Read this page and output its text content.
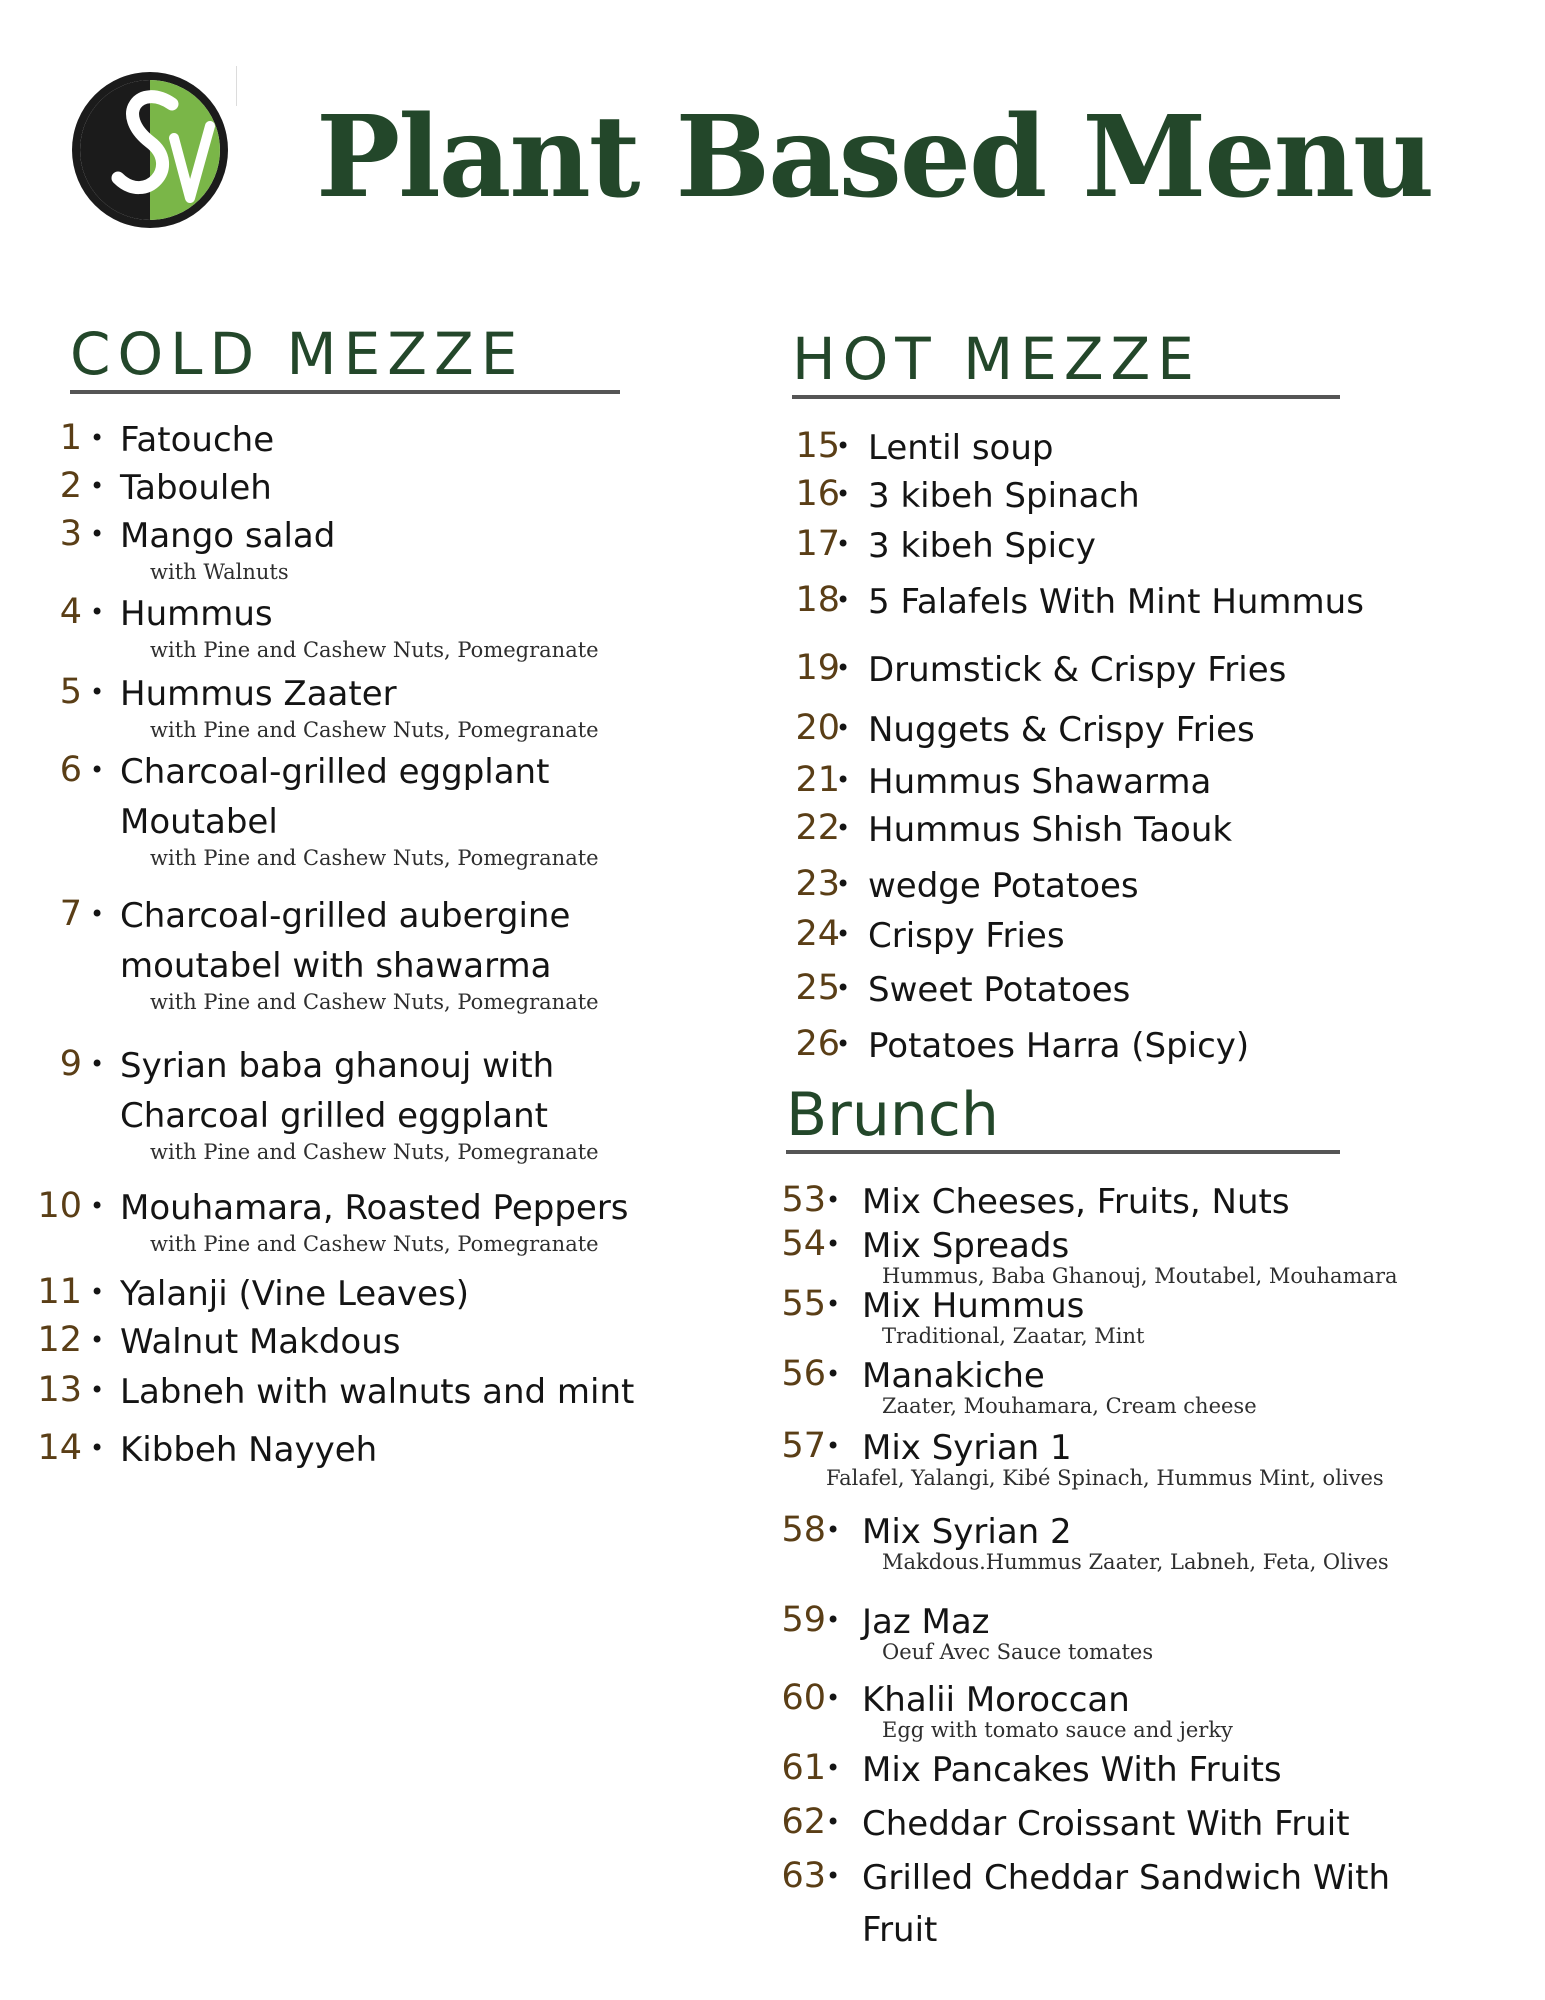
Plant Based Menu
COLD MEZZE	HOT MEZZE
Brunch
1 • Fatouche
2 • Tabouleh
3 • Mango salad
with Walnuts
4 • Hummus
with Pine and Cashew Nuts, Pomegranate
5 • Hummus Zaater
with Pine and Cashew Nuts, Pomegranate
6 • Charcoal-grilled eggplant
Moutabel
with Pine and Cashew Nuts, Pomegranate
7 • Charcoal-grilled aubergine
moutabel with shawarma
with Pine and Cashew Nuts, Pomegranate
9 • Syrian baba ghanouj with
Charcoal grilled eggplant
with Pine and Cashew Nuts, Pomegranate
10 • Mouhamara, Roasted Peppers
with Pine and Cashew Nuts, Pomegranate
11 • Yalanji (Vine Leaves)
12 • Walnut Makdous
13 • Labneh with walnuts and mint
14 • Kibbeh Nayyeh
15
• Lentil soup
16
• 3 kibeh Spinach
17
• 3 kibeh Spicy
18
• 5 Falafels With Mint Hummus
19
• Drumstick & Crispy Fries
20
• Nuggets & Crispy Fries
21
• Hummus Shawarma
22
• Hummus Shish Taouk
23
• wedge Potatoes
24
• Crispy Fries
25
• Sweet Potatoes
26
• Potatoes Harra (Spicy)
53 • Mix Cheeses, Fruits, Nuts
54 • Mix Spreads
Hummus, Baba Ghanouj, Moutabel, Mouhamara
55 • Mix Hummus
Traditional, Zaatar, Mint
56 • Manakiche
Zaater, Mouhamara, Cream cheese
57 • Mix Syrian 1
Falafel, Yalangi, Kibé Spinach, Hummus Mint, olives
58 • Mix Syrian 2
Makdous.Hummus Zaater, Labneh, Feta, Olives
59 • Jaz Maz
Oeuf Avec Sauce tomates
60 • Khalii Moroccan
Egg with tomato sauce and jerky
61 • Mix Pancakes With Fruits
62 • Cheddar Croissant With Fruit
63 • Grilled Cheddar Sandwich With
Fruit
